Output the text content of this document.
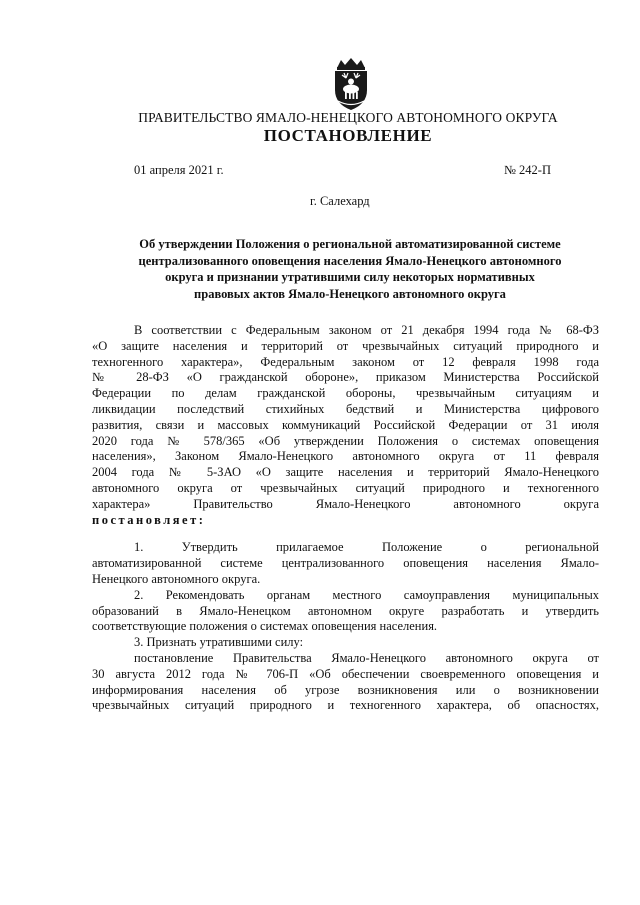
ПРАВИТЕЛЬСТВО ЯМАЛО-НЕНЕЦКОГО АВТОНОМНОГО ОКРУГА
ПОСТАНОВЛЕНИЕ
01 апреля 2021 г.	№ 242-П
г. Салехард
Об утверждении Положения о региональной автоматизированной системе
централизованного оповещения населения Ямало-Ненецкого автономного
округа и признании утратившими силу некоторых нормативных
правовых актов Ямало-Ненецкого автономного округа
В соответствии с Федеральным законом от 21 декабря 1994 года № 68-ФЗ
«О защите населения и территорий от чрезвычайных ситуаций природного и
техногенного характера», Федеральным законом от 12 февраля 1998 года
№ 28-ФЗ «О гражданской обороне», приказом Министерства Российской
Федерации по делам гражданской обороны, чрезвычайным ситуациям и
ликвидации последствий стихийных бедствий и Министерства цифрового
развития, связи и массовых коммуникаций Российской Федерации от 31 июля
2020 года № 578/365 «Об утверждении Положения о системах оповещения
населения», Законом Ямало-Ненецкого автономного округа от 11 февраля
2004 года № 5-ЗАО «О защите населения и территорий Ямало-Ненецкого
автономного округа от чрезвычайных ситуаций природного и техногенного
характера» Правительство Ямало-Ненецкого автономного округа
постановляет:
1. Утвердить прилагаемое Положение о региональной
автоматизированной системе централизованного оповещения населения Ямало-
Ненецкого автономного округа.
2. Рекомендовать органам местного самоуправления муниципальных
образований в Ямало-Ненецком автономном округе разработать и утвердить
соответствующие положения о системах оповещения населения.
3. Признать утратившими силу:
постановление Правительства Ямало-Ненецкого автономного округа от
30 августа 2012 года № 706-П «Об обеспечении своевременного оповещения и
информирования населения об угрозе возникновения или о возникновении
чрезвычайных ситуаций природного и техногенного характера, об опасностях,
